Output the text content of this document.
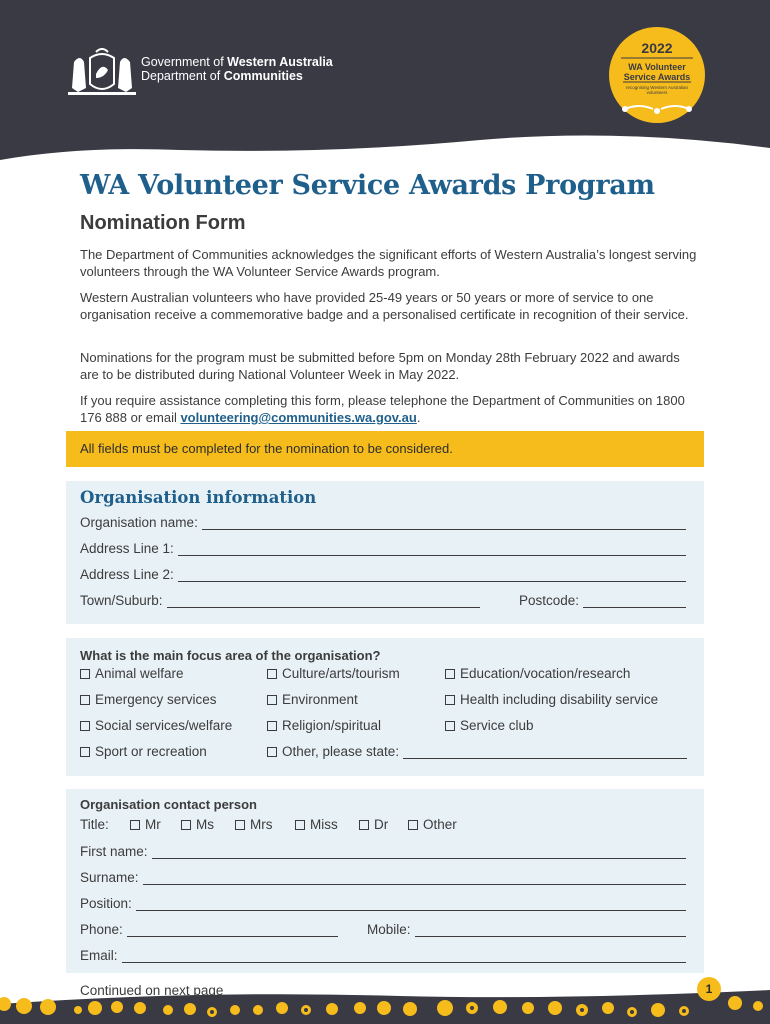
Government of Western Australia
Department of Communities
2022
WA Volunteer
Service Awards
recognising Western Australian volunteers
WA Volunteer Service Awards Program
Nomination Form

The Department of Communities acknowledges the significant efforts of Western Australia’s longest serving volunteers through the WA Volunteer Service Awards program.

Western Australian volunteers who have provided 25-49 years or 50 years or more of service to one organisation receive a commemorative badge and a personalised certificate in recognition of their service.

Nominations for the program must be submitted before 5pm on Monday 28th February 2022 and awards are to be distributed during National Volunteer Week in May 2022.

If you require assistance completing this form, please telephone the Department of Communities on 1800 176 888 or email volunteering@communities.wa.gov.au.

All fields must be completed for the nomination to be considered.
Organisation information
Organisation name:
Address Line 1:
Address Line 2:
Town/Suburb:	Postcode:
What is the main focus area of the organisation?
Animal welfare	Culture/arts/tourism	Education/vocation/research
Emergency services	Environment	Health including disability service
Social services/welfare	Religion/spiritual	Service club
Sport or recreation	Other, please state:
Organisation contact person
Title:	Mr	Ms	Mrs	Miss	Dr	Other
First name:
Surname:
Position:
Phone:	Mobile:
Email:
Continued on next page	1
